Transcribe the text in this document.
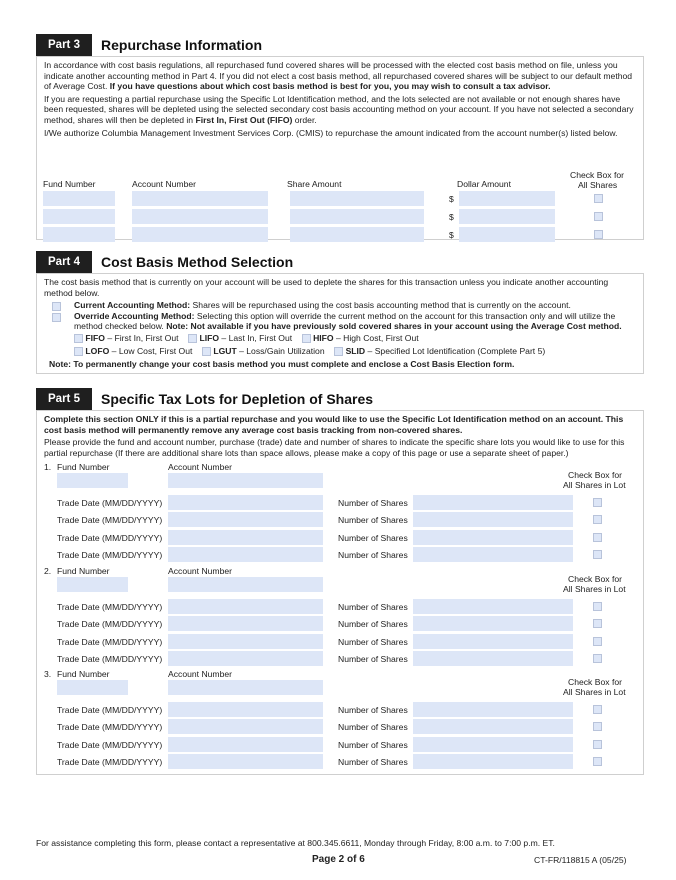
Part 3	Repurchase Information

In accordance with cost basis regulations, all repurchased fund covered shares will be processed with the elected cost basis method on file, unless you indicate another accounting method in Part 4. If you did not elect a cost basis method, all repurchased covered shares will be subject to our default method of Average Cost. If you have questions about which cost basis method is best for you, you may wish to consult a tax advisor.

If you are requesting a partial repurchase using the Specific Lot Identification method, and the lots selected are not available or not enough shares have been requested, shares will be depleted using the selected secondary cost basis accounting method on your account. If you have not selected a secondary method, shares will then be depleted in First In, First Out (FIFO) order.

I/We authorize Columbia Management Investment Services Corp. (CMIS) to repurchase the amount indicated from the account number(s) listed below.

Fund Number	Account Number	Share Amount	Dollar Amount
Check Box for
All Shares
$
$
$
Part 4	Cost Basis Method Selection

The cost basis method that is currently on your account will be used to deplete the shares for this transaction unless you indicate another accounting method below.

Current Accounting Method: Shares will be repurchased using the cost basis accounting method that is currently on the account.
Override Accounting Method: Selecting this option will override the current method on the account for this transaction only and will utilize the method checked below. Note: Not available if you have previously sold covered shares in your account using the Average Cost method.
FIFO – First In, First Out LIFO – Last In, First Out HIFO – High Cost, First Out
LOFO – Low Cost, First Out LGUT – Loss/Gain Utilization SLID – Specified Lot Identification (Complete Part 5)
Note: To permanently change your cost basis method you must complete and enclose a Cost Basis Election form.
Part 5	Specific Tax Lots for Depletion of Shares

Complete this section ONLY if this is a partial repurchase and you would like to use the Specific Lot Identification method on an account. This cost basis method will permanently remove any average cost basis tracking from non-covered shares.

Please provide the fund and account number, purchase (trade) date and number of shares to indicate the specific share lots you would like to use for this partial repurchase (If there are additional share lots than space allows, please make a copy of this page or use a separate sheet of paper.)

1. Fund Number	Account Number
Check Box for
All Shares in Lot
Trade Date (MM/DD/YYYY)	Number of Shares
Trade Date (MM/DD/YYYY)	Number of Shares
Trade Date (MM/DD/YYYY)	Number of Shares
Trade Date (MM/DD/YYYY)	Number of Shares
2. Fund Number	Account Number
Check Box for
All Shares in Lot
Trade Date (MM/DD/YYYY)	Number of Shares
Trade Date (MM/DD/YYYY)	Number of Shares
Trade Date (MM/DD/YYYY)	Number of Shares
Trade Date (MM/DD/YYYY)	Number of Shares
3. Fund Number	Account Number
Check Box for
All Shares in Lot
Trade Date (MM/DD/YYYY)	Number of Shares
Trade Date (MM/DD/YYYY)	Number of Shares
Trade Date (MM/DD/YYYY)	Number of Shares
Trade Date (MM/DD/YYYY)	Number of Shares
For assistance completing this form, please contact a representative at 800.345.6611, Monday through Friday, 8:00 a.m. to 7:00 p.m. ET.
Page 2 of 6	CT-FR/118815 A (05/25)
